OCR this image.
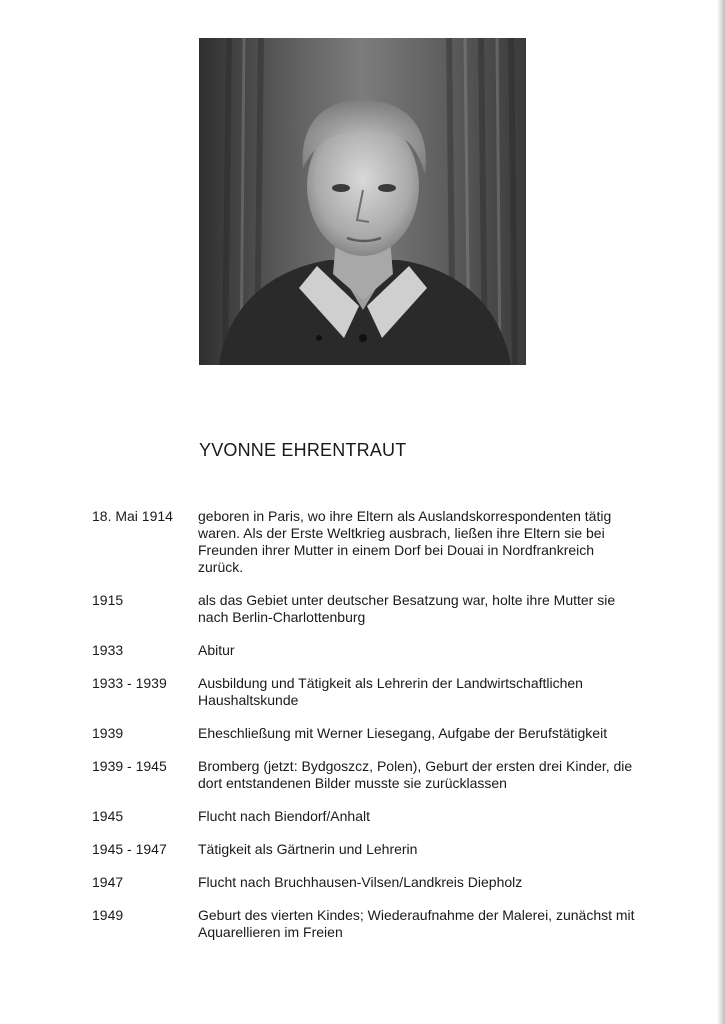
YVONNE EHRENTRAUT
18. Mai 1914	geboren in Paris, wo ihre Eltern als Auslandskorrespondenten tätig waren. Als der Erste Weltkrieg ausbrach, ließen ihre Eltern sie bei Freunden ihrer Mutter in einem Dorf bei Douai in Nordfrankreich zurück.
1915	als das Gebiet unter deutscher Besatzung war, holte ihre Mutter sie nach Berlin-Charlottenburg
1933	Abitur
1933 - 1939	Ausbildung und Tätigkeit als Lehrerin der Landwirtschaftlichen Haushaltskunde
1939	Eheschließung mit Werner Liesegang, Aufgabe der Berufstätigkeit
1939 - 1945	Bromberg (jetzt: Bydgoszcz, Polen), Geburt der ersten drei Kinder, die dort entstandenen Bilder musste sie zurücklassen
1945	Flucht nach Biendorf/Anhalt
1945 - 1947	Tätigkeit als Gärtnerin und Lehrerin
1947	Flucht nach Bruchhausen-Vilsen/Landkreis Diepholz
1949	Geburt des vierten Kindes; Wiederaufnahme der Malerei, zunächst mit Aquarellieren im Freien
